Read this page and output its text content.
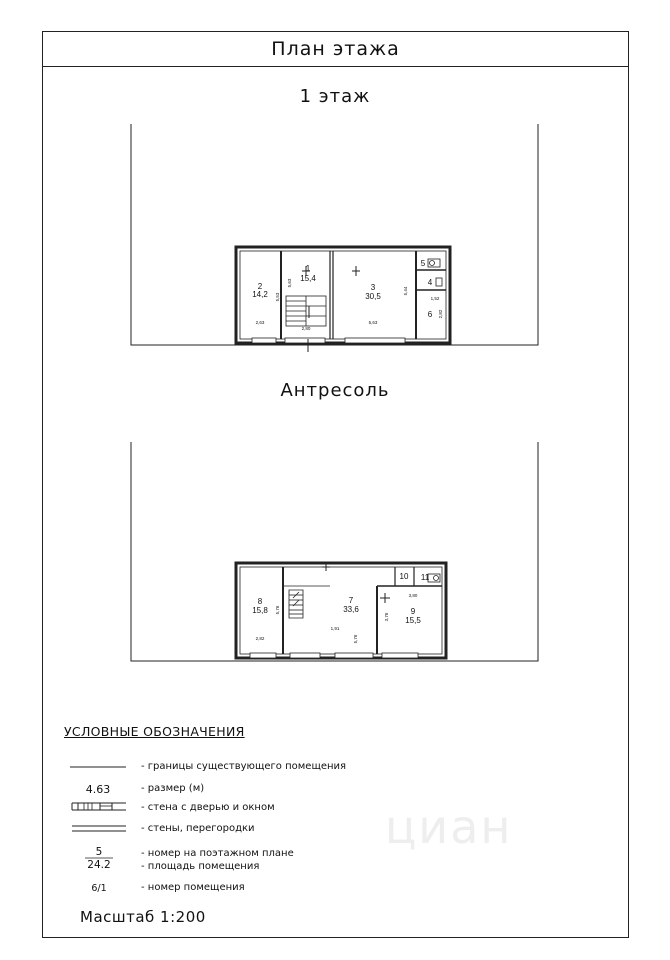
План этажа
1 этаж
Антресоль
2
14,2
1
15,4
3
30,5
4
5
6
5,53
2,63
5,63
2,80
5,63
5,44
1,52
2,82
8
15,8
7
33,6	9
15,5
10 11
5,76
2,82
1,91
5,76
3,80
3,76
УСЛОВНЫЕ ОБОЗНАЧЕНИЯ
- границы существующего помещения
4.63	- размер (м)
- стена с дверью и окном
- стены, перегородки
5	- номер на поэтажном плане
24.2	- площадь помещения
6/1	- номер помещения
Масштаб 1:200
циан
